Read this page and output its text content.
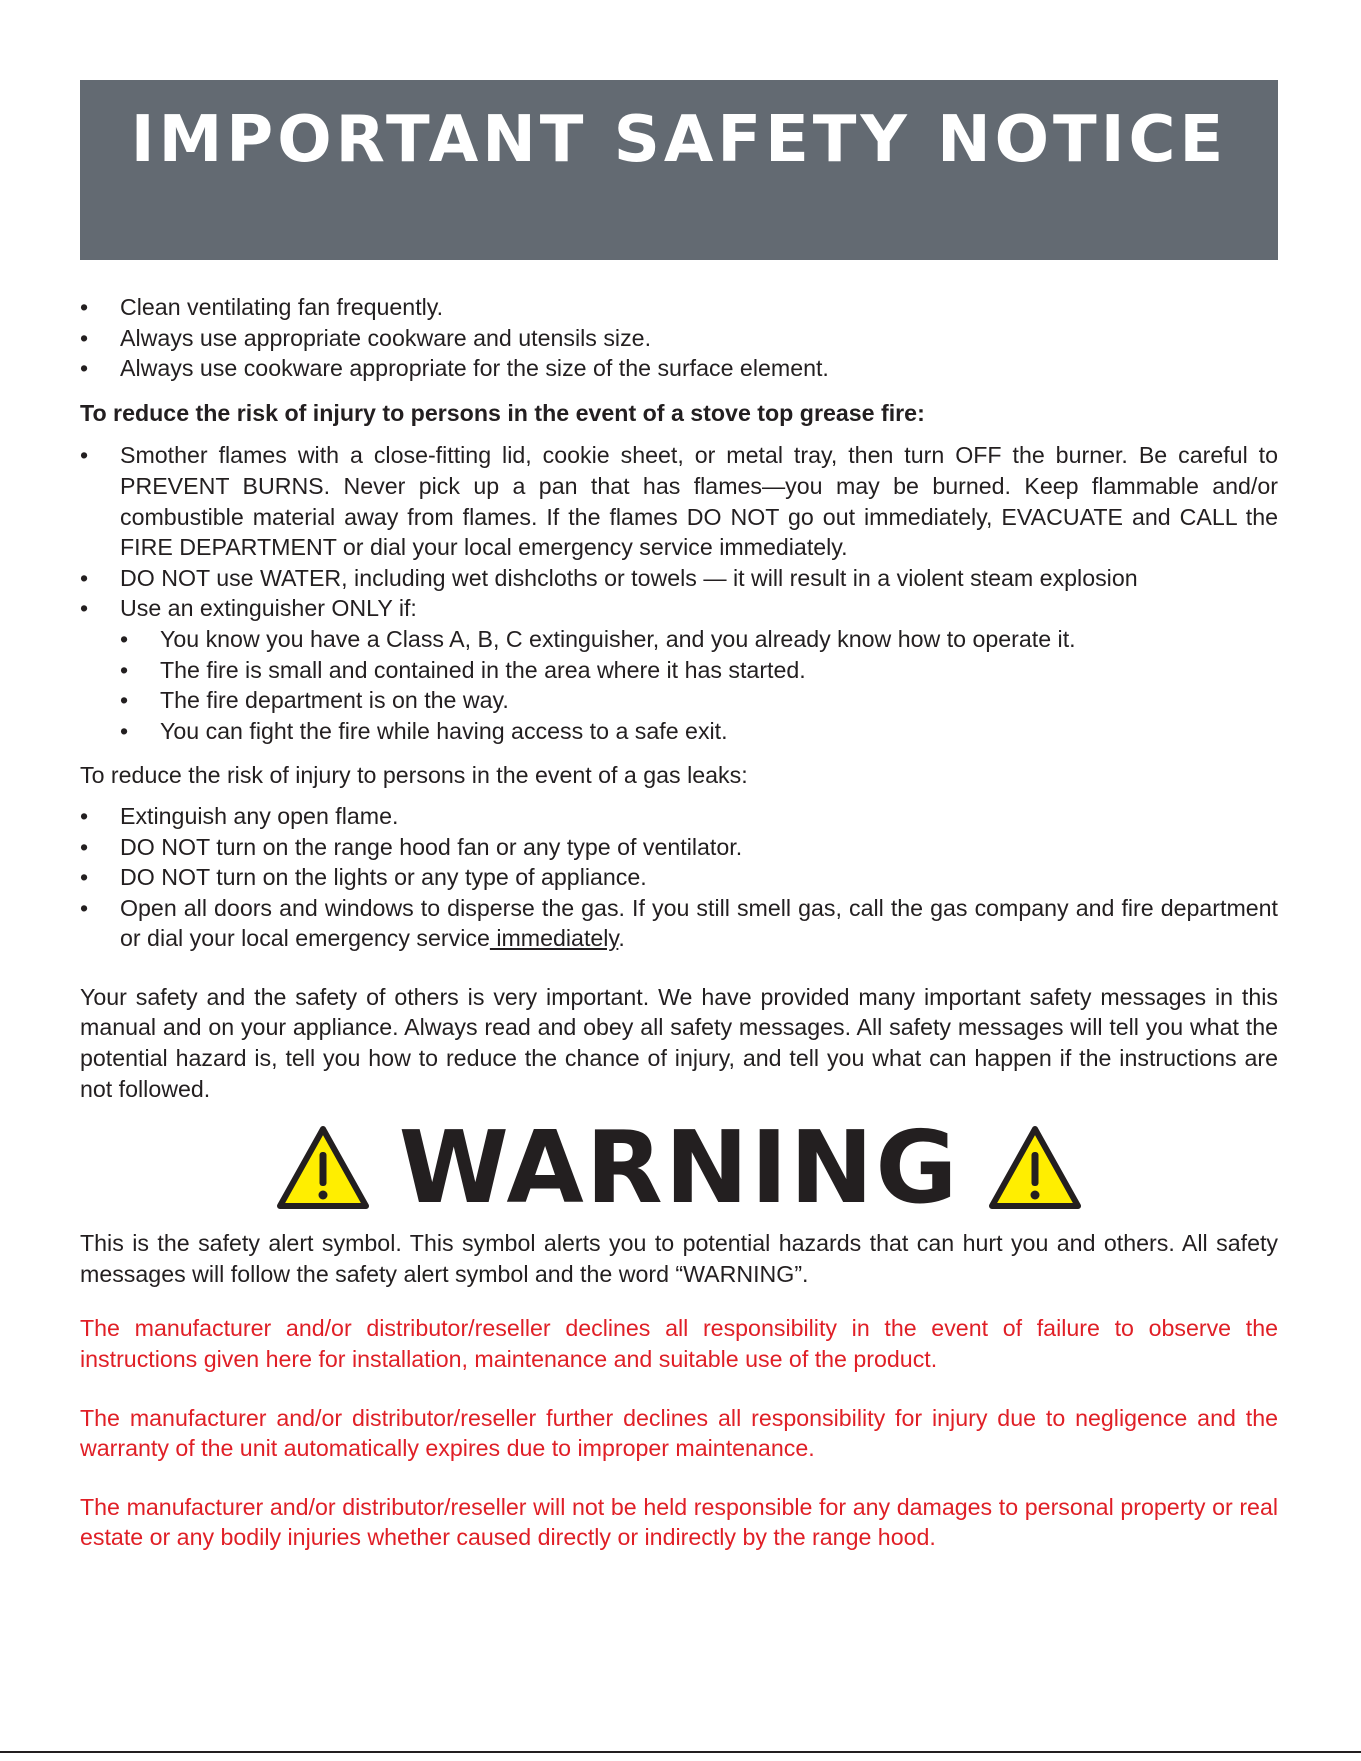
IMPORTANT SAFETY NOTICE
• Clean ventilating fan frequently.
• Always use appropriate cookware and utensils size.
• Always use cookware appropriate for the size of the surface element.
To reduce the risk of injury to persons in the event of a stove top grease fire:
• Smother flames with a close-fitting lid, cookie sheet, or metal tray, then turn OFF the burner. Be careful to PREVENT BURNS. Never pick up a pan that has flames—you may be burned. Keep flammable and/or combustible material away from flames. If the flames DO NOT go out immediately, EVACUATE and CALL the FIRE DEPARTMENT or dial your local emergency service immediately.
• DO NOT use WATER, including wet dishcloths or towels — it will result in a violent steam explosion
• Use an extinguisher ONLY if:
• You know you have a Class A, B, C extinguisher, and you already know how to operate it.
• The fire is small and contained in the area where it has started.
• The fire department is on the way.
• You can fight the fire while having access to a safe exit.
To reduce the risk of injury to persons in the event of a gas leaks:
• Extinguish any open flame.
• DO NOT turn on the range hood fan or any type of ventilator.
• DO NOT turn on the lights or any type of appliance.
• Open all doors and windows to disperse the gas. If you still smell gas, call the gas company and fire department or dial your local emergency service immediately.

Your safety and the safety of others is very important. We have provided many important safety messages in this manual and on your appliance. Always read and obey all safety messages. All safety messages will tell you what the potential hazard is, tell you how to reduce the chance of injury, and tell you what can happen if the instructions are not followed.

WARNING

This is the safety alert symbol. This symbol alerts you to potential hazards that can hurt you and others. All safety messages will follow the safety alert symbol and the word “WARNING”.

The manufacturer and/or distributor/reseller declines all responsibility in the event of failure to observe the instructions given here for installation, maintenance and suitable use of the product.

The manufacturer and/or distributor/reseller further declines all responsibility for injury due to negligence and the warranty of the unit automatically expires due to improper maintenance.

The manufacturer and/or distributor/reseller will not be held responsible for any damages to personal property or real estate or any bodily injuries whether caused directly or indirectly by the range hood.
